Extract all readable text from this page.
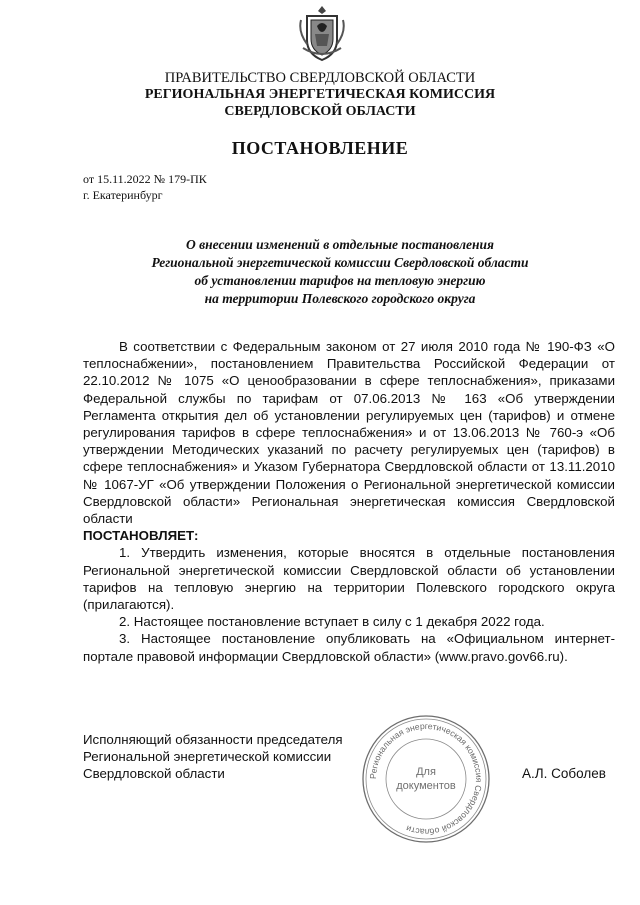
ПРАВИТЕЛЬСТВО СВЕРДЛОВСКОЙ ОБЛАСТИ
РЕГИОНАЛЬНАЯ ЭНЕРГЕТИЧЕСКАЯ КОМИССИЯ
СВЕРДЛОВСКОЙ ОБЛАСТИ
ПОСТАНОВЛЕНИЕ
от 15.11.2022 № 179-ПК
г. Екатеринбург
О внесении изменений в отдельные постановления
Региональной энергетической комиссии Свердловской области
об установлении тарифов на тепловую энергию
на территории Полевского городского округа

В соответствии с Федеральным законом от 27 июля 2010 года № 190-ФЗ «О теплоснабжении», постановлением Правительства Российской Федерации от 22.10.2012 № 1075 «О ценообразовании в сфере теплоснабжения», приказами Федеральной службы по тарифам от 07.06.2013 № 163 «Об утверждении Регламента открытия дел об установлении регулируемых цен (тарифов) и отмене регулирования тарифов в сфере теплоснабжения» и от 13.06.2013 № 760-э «Об утверждении Методических указаний по расчету регулируемых цен (тарифов) в сфере теплоснабжения» и Указом Губернатора Свердловской области от 13.11.2010 № 1067-УГ «Об утверждении Положения о Региональной энергетической комиссии Свердловской области» Региональная энергетическая комиссия Свердловской области

ПОСТАНОВЛЯЕТ:

1. Утвердить изменения, которые вносятся в отдельные постановления Региональной энергетической комиссии Свердловской области об установлении тарифов на тепловую энергию на территории Полевского городского округа (прилагаются).

2. Настоящее постановление вступает в силу с 1 декабря 2022 года.

3. Настоящее постановление опубликовать на «Официальном интернет-портале правовой информации Свердловской области» (www.pravo.gov66.ru).

Исполняющий обязанности председателя
Региональной энергетической комиссии
Свердловской области	А.Л. Соболев
Региональная энергетическая комиссия Свердловской области
Для
документов
